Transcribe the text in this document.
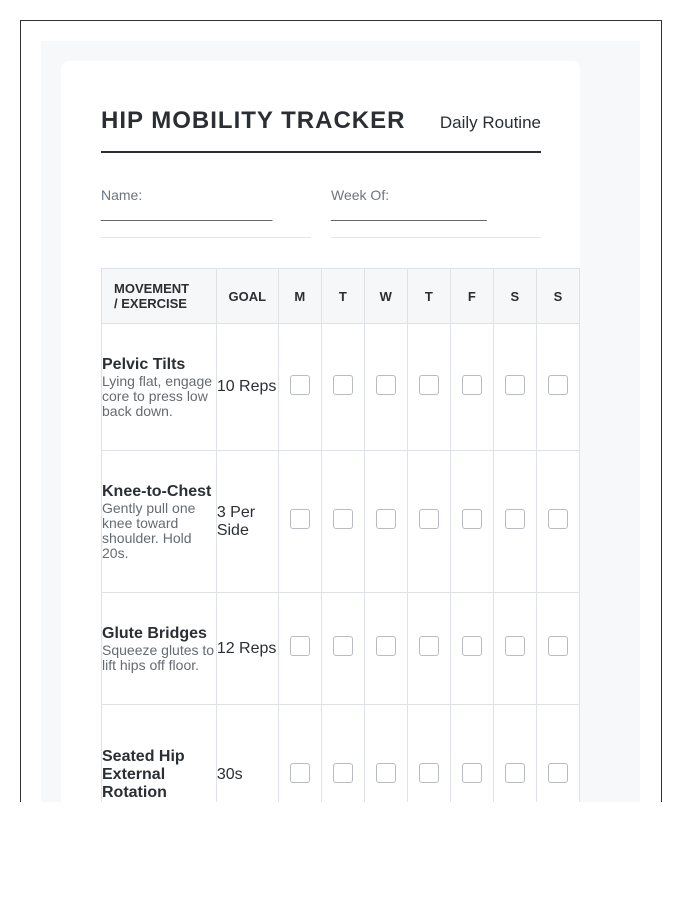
HIP MOBILITY TRACKER Daily Routine
Name:
______________________
Week Of:
____________________
MOVEMENT
/ EXERCISE	GOAL	M	T	W	T	F	S	S

Pelvic Tilts
Lying flat, engage core to press low back down.	10 Reps							

Knee-to-Chest
Gently pull one knee toward shoulder. Hold 20s.	3 Per Side							

Glute Bridges
Squeeze glutes to lift hips off floor.	12 Reps							

Seated Hip External Rotation	30s							
